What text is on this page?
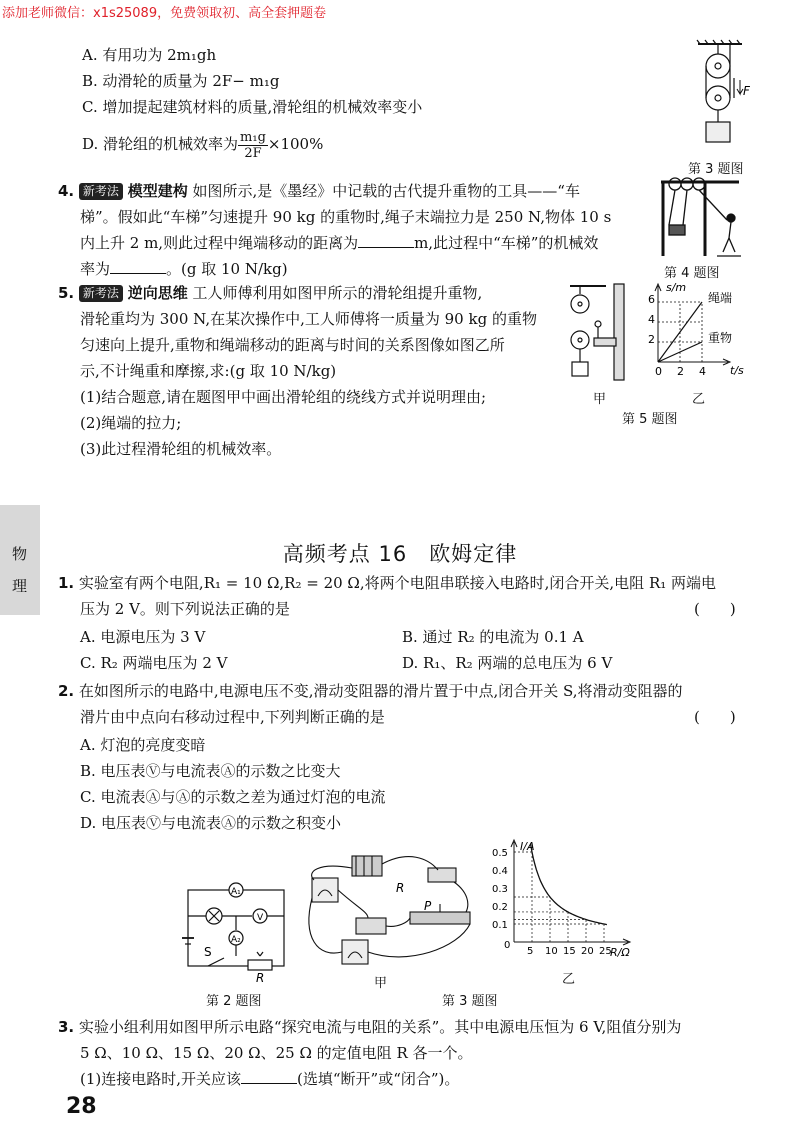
添加老师微信：x1s25089，免费领取初、高全套押题卷
A. 有用功为 2m₁gh
B. 动滑轮的质量为 2F− m₁g
C. 增加提起建筑材料的质量,滑轮组的机械效率变小
D. 滑轮组的机械效率为 $\frac{\text{m₁g}}{2F} \times 100\%$
F
第 3 题图
4. 新考法 模型建构 如图所示,是《墨经》中记载的古代提升重物的工具——“车
梯”。假如此“车梯”匀速提升 90 kg 的重物时,绳子末端拉力是 250 N,物体 10 s
内上升 2 m,则此过程中绳端移动的距离为	m,此过程中“车梯”的机械效
率为	。(g 取 10 N/kg)	第 4 题图
5. 新考法 逆向思维 工人师傅利用如图甲所示的滑轮组提升重物,
滑轮重均为 300 N,在某次操作中,工人师傅将一质量为 90 kg 的重物
匀速向上提升,重物和绳端移动的距离与时间的关系图像如图乙所
示,不计绳重和摩擦,求:(g 取 10 N/kg)
(1)结合题意,请在题图甲中画出滑轮组的绕线方式并说明理由;
(2)绳端的拉力;
(3)此过程滑轮组的机械效率。
甲
s/m
t/s
绳端
重物
2
4
6
0 2 4
乙
第 5 题图
物
理
高频考点 16　欧姆定律
1. 实验室有两个电阻,R₁ = 10 Ω,R₂ = 20 Ω,将两个电阻串联接入电路时,闭合开关,电阻 R₁ 两端电
压为 2 V。则下列说法正确的是	(　　)
A. 电源电压为 3 V	B. 通过 R₂ 的电流为 0.1 A
C. R₂ 两端电压为 2 V	D. R₁、R₂ 两端的总电压为 6 V
2. 在如图所示的电路中,电源电压不变,滑动变阻器的滑片置于中点,闭合开关 S,将滑动变阻器的
滑片由中点向右移动过程中,下列判断正确的是	(　　)
A. 灯泡的亮度变暗
B. 电压表Ⓥ与电流表Ⓐ的示数之比变大
C. 电流表Ⓐ与Ⓐ的示数之差为通过灯泡的电流
D. 电压表Ⓥ与电流表Ⓐ的示数之积变小
A₁
V
A₂
S
R
第 2 题图
R
P
甲
I/A
R/Ω
0
0.1
0.2
0.3
0.4
0.5
5 10 15 20 25
乙
第 3 题图
3. 实验小组利用如图甲所示电路“探究电流与电阻的关系”。其中电源电压恒为 6 V,阻值分别为
5 Ω、10 Ω、15 Ω、20 Ω、25 Ω 的定值电阻 R 各一个。
(1)连接电路时,开关应该	(选填“断开”或“闭合”)。
28
